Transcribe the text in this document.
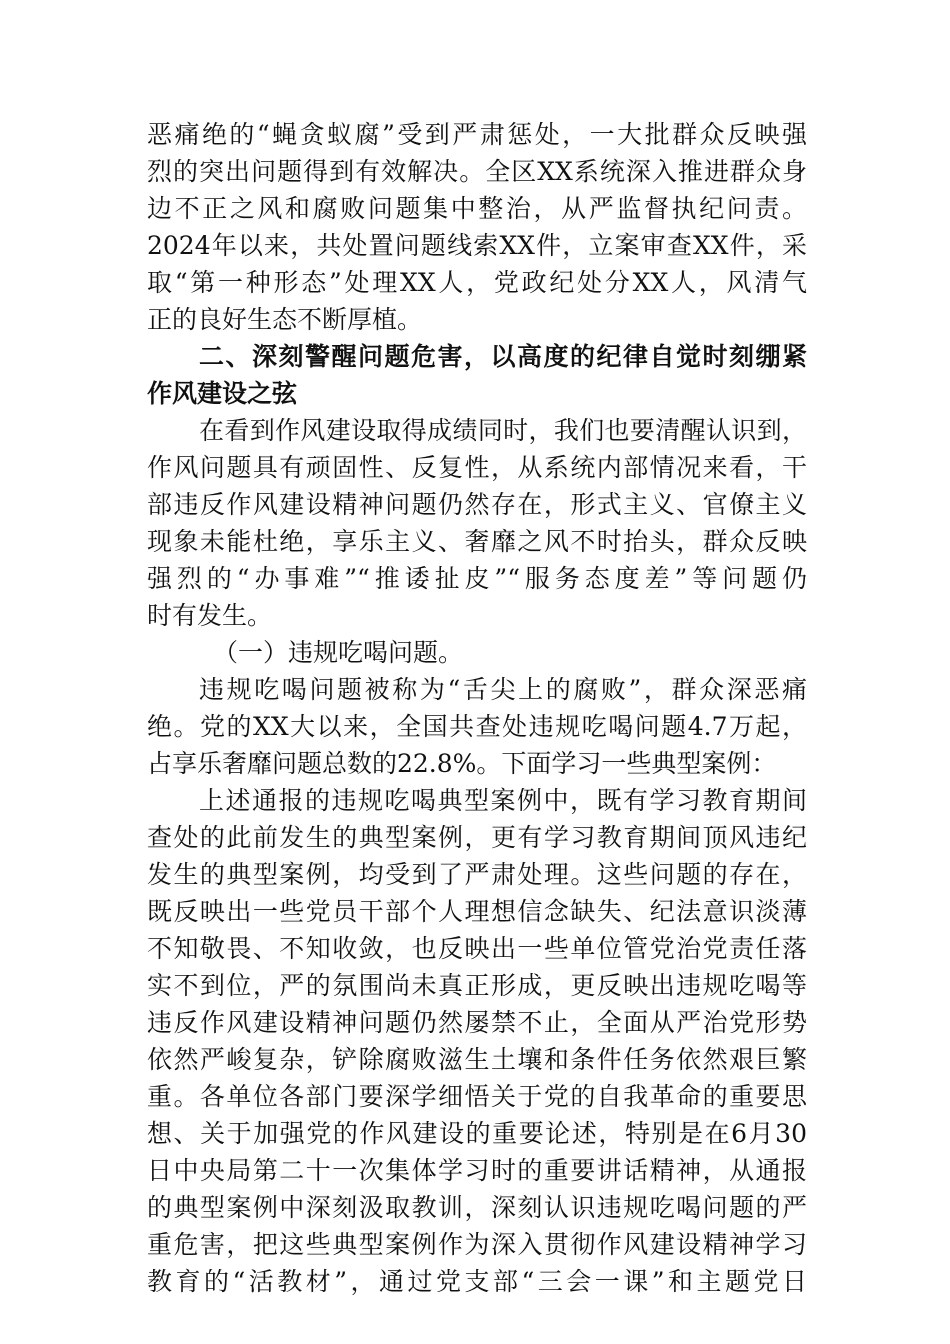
恶痛绝的“蝇贪蚁腐”受到严肃惩处，一大批群众反映强
烈的突出问题得到有效解决。全区XX系统深入推进群众身
边不正之风和腐败问题集中整治，从严监督执纪问责。
2024年以来，共处置问题线索XX件，立案审查XX件，采
取“第一种形态”处理XX人，党政纪处分XX人，风清气
正的良好生态不断厚植。
二、深刻警醒问题危害，以高度的纪律自觉时刻绷紧
作风建设之弦
在看到作风建设取得成绩同时，我们也要清醒认识到，
作风问题具有顽固性、反复性，从系统内部情况来看，干
部违反作风建设精神问题仍然存在，形式主义、官僚主义
现象未能杜绝，享乐主义、奢靡之风不时抬头，群众反映
强烈的“办事难”“推诿扯皮”“服务态度差”等问题仍
时有发生。
（一）违规吃喝问题。
违规吃喝问题被称为“舌尖上的腐败”，群众深恶痛
绝。党的XX大以来，全国共查处违规吃喝问题4.7万起，
占享乐奢靡问题总数的22.8%。下面学习一些典型案例：
上述通报的违规吃喝典型案例中，既有学习教育期间
查处的此前发生的典型案例，更有学习教育期间顶风违纪
发生的典型案例，均受到了严肃处理。这些问题的存在，
既反映出一些党员干部个人理想信念缺失、纪法意识淡薄
不知敬畏、不知收敛，也反映出一些单位管党治党责任落
实不到位，严的氛围尚未真正形成，更反映出违规吃喝等
违反作风建设精神问题仍然屡禁不止，全面从严治党形势
依然严峻复杂，铲除腐败滋生土壤和条件任务依然艰巨繁
重。各单位各部门要深学细悟关于党的自我革命的重要思
想、关于加强党的作风建设的重要论述，特别是在6月30
日中央局第二十一次集体学习时的重要讲话精神，从通报
的典型案例中深刻汲取教训，深刻认识违规吃喝问题的严
重危害，把这些典型案例作为深入贯彻作风建设精神学习
教育的“活教材”，通过党支部“三会一课”和主题党日
